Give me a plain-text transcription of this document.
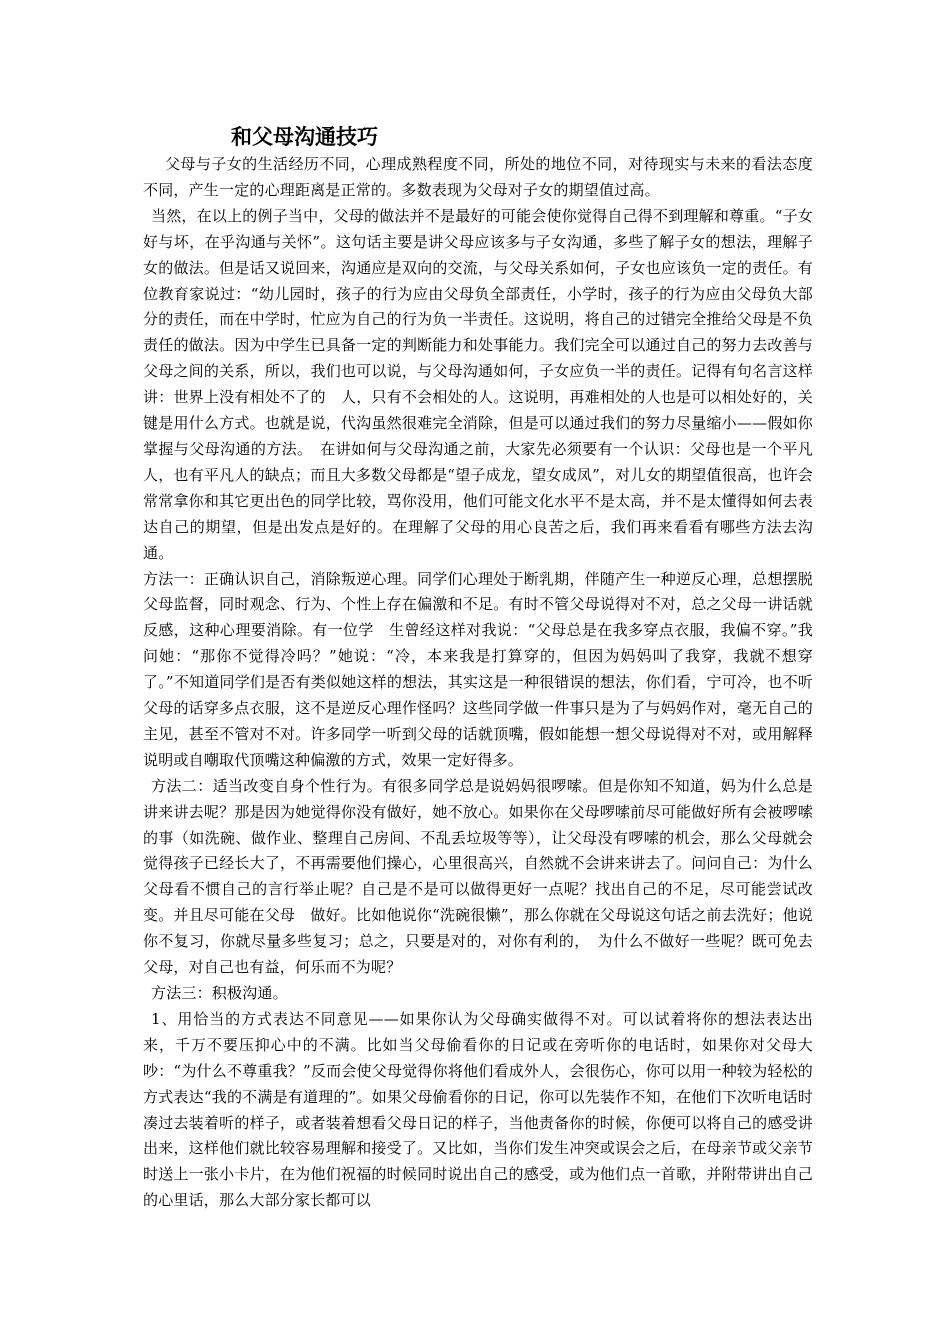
和父母沟通技巧

父母与子女的生活经历不同，心理成熟程度不同，所处的地位不同，对待现实与未来的看法态度不同，产生一定的心理距离是正常的。多数表现为父母对子女的期望值过高。

当然，在以上的例子当中，父母的做法并不是最好的可能会使你觉得自己得不到理解和尊重。“子女好与坏，在乎沟通与关怀”。这句话主要是讲父母应该多与子女沟通，多些了解子女的想法，理解子女的做法。但是话又说回来，沟通应是双向的交流，与父母关系如何，子女也应该负一定的责任。有位教育家说过：“幼儿园时，孩子的行为应由父母负全部责任，小学时，孩子的行为应由父母负大部分的责任，而在中学时，忙应为自己的行为负一半责任。这说明，将自己的过错完全推给父母是不负责任的做法。因为中学生已具备一定的判断能力和处事能力。我们完全可以通过自己的努力去改善与父母之间的关系，所以，我们也可以说，与父母沟通如何，子女应负一半的责任。记得有句名言这样讲：世界上没有相处不了的　人，只有不会相处的人。这说明，再难相处的人也是可以相处好的，关键是用什么方式。也就是说，代沟虽然很难完全消除，但是可以通过我们的努力尽量缩小——假如你掌握与父母沟通的方法。　在讲如何与父母沟通之前，大家先必须要有一个认识：父母也是一个平凡人，也有平凡人的缺点；而且大多数父母都是“望子成龙，望女成凤”，对儿女的期望值很高，也许会常常拿你和其它更出色的同学比较，骂你没用，他们可能文化水平不是太高，并不是太懂得如何去表达自己的期望，但是出发点是好的。在理解了父母的用心良苦之后，我们再来看看有哪些方法去沟通。

方法一：正确认识自己，消除叛逆心理。同学们心理处于断乳期，伴随产生一种逆反心理，总想摆脱父母监督，同时观念、行为、个性上存在偏激和不足。有时不管父母说得对不对，总之父母一讲话就反感，这种心理要消除。有一位学　生曾经这样对我说：“父母总是在我多穿点衣服，我偏不穿。”我问她：“那你不觉得冷吗？”她说：“冷，本来我是打算穿的，但因为妈妈叫了我穿，我就不想穿了。”不知道同学们是否有类似她这样的想法，其实这是一种很错误的想法，你们看，宁可冷，也不听父母的话穿多点衣服，这不是逆反心理作怪吗？这些同学做一件事只是为了与妈妈作对，毫无自己的主见，甚至不管对不对。许多同学一听到父母的话就顶嘴，假如能想一想父母说得对不对，或用解释说明或自嘲取代顶嘴这种偏激的方式，效果一定好得多。

方法二：适当改变自身个性行为。有很多同学总是说妈妈很啰嗦。但是你知不知道，妈为什么总是讲来讲去呢？那是因为她觉得你没有做好，她不放心。如果你在父母啰嗦前尽可能做好所有会被啰嗦的事（如洗碗、做作业、整理自己房间、不乱丢垃圾等等），让父母没有啰嗦的机会，那么父母就会觉得孩子已经长大了，不再需要他们操心，心里很高兴，自然就不会讲来讲去了。问问自己：为什么父母看不惯自己的言行举止呢？自己是不是可以做得更好一点呢？找出自己的不足，尽可能尝试改变。并且尽可能在父母　做好。比如他说你“洗碗很懒”，那么你就在父母说这句话之前去洗好；他说你不复习，你就尽量多些复习；总之，只要是对的，对你有利的，　为什么不做好一些呢？既可免去父母，对自己也有益，何乐而不为呢？

方法三：积极沟通。

1、用恰当的方式表达不同意见——如果你认为父母确实做得不对。可以试着将你的想法表达出来，千万不要压抑心中的不满。比如当父母偷看你的日记或在旁听你的电话时，如果你对父母大吵：“为什么不尊重我？”反而会使父母觉得你将他们看成外人，会很伤心，你可以用一种较为轻松的方式表达“我的不满是有道理的”。如果父母偷看你的日记，你可以先装作不知，在他们下次听电话时凑过去装着听的样子，或者装着想看父母日记的样子，当他责备你的时候，你便可以将自己的感受讲出来，这样他们就比较容易理解和接受了。又比如，当你们发生冲突或误会之后，在母亲节或父亲节时送上一张小卡片，在为他们祝福的时候同时说出自己的感受，或为他们点一首歌，并附带讲出自己的心里话，那么大部分家长都可以
